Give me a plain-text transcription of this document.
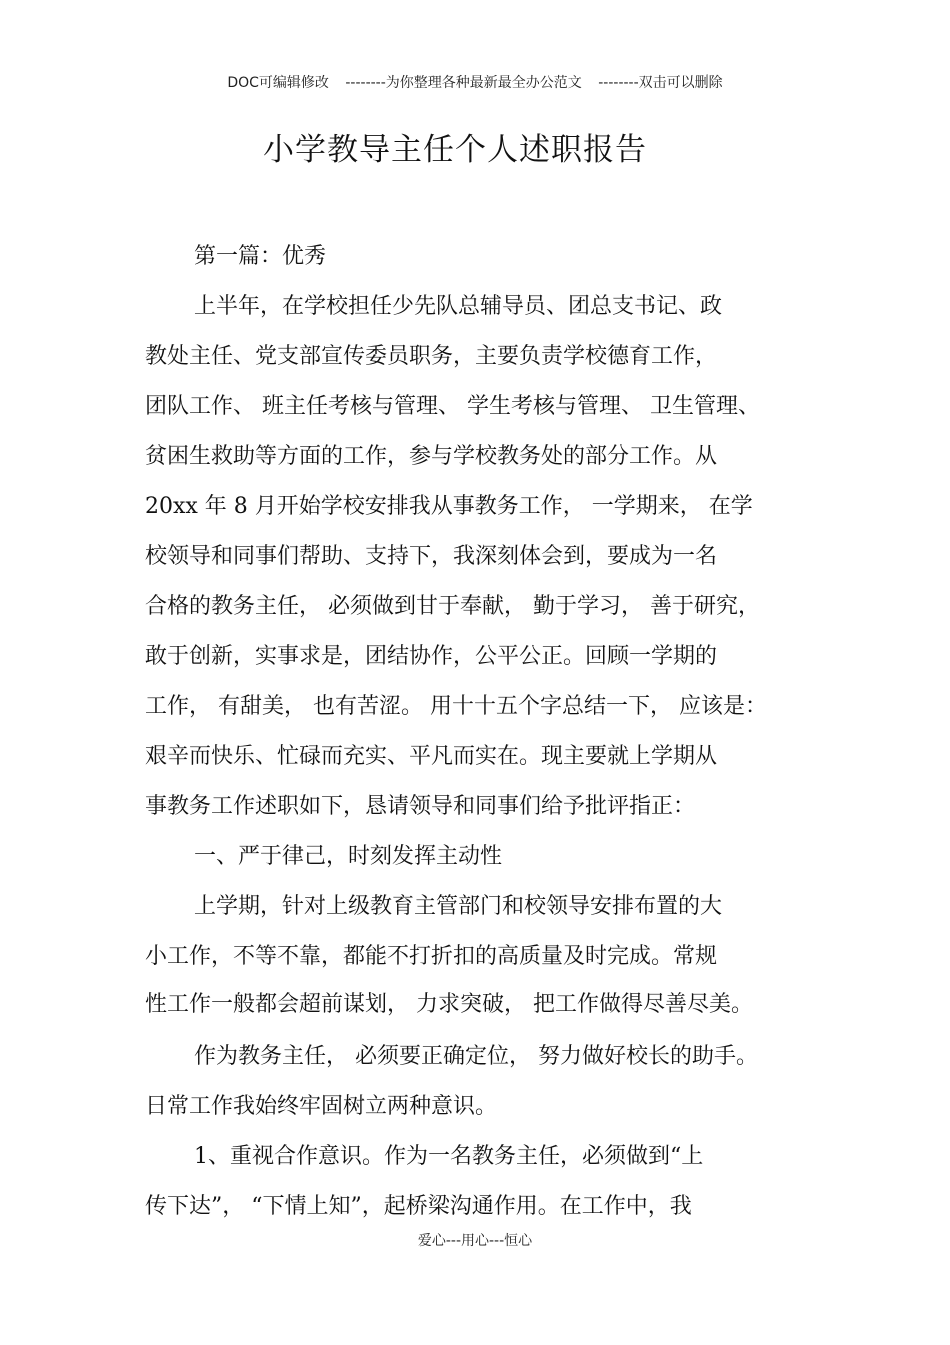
DOC可编辑修改 --------为你整理各种最新最全办公范文 --------双击可以删除
小学教导主任个人述职报告
第一篇：优秀
上半年，在学校担任少先队总辅导员、团总支书记、政
教处主任、党支部宣传委员职务，主要负责学校德育工作，
团队工作、 班主任考核与管理、 学生考核与管理、 卫生管理、
贫困生救助等方面的工作，参与学校教务处的部分工作。从
20xx 年 8 月开始学校安排我从事教务工作， 一学期来， 在学
校领导和同事们帮助、支持下，我深刻体会到，要成为一名
合格的教务主任， 必须做到甘于奉献， 勤于学习， 善于研究，
敢于创新，实事求是，团结协作，公平公正。回顾一学期的
工作， 有甜美， 也有苦涩。 用十十五个字总结一下， 应该是：
艰辛而快乐、忙碌而充实、平凡而实在。现主要就上学期从
事教务工作述职如下，恳请领导和同事们给予批评指正：
一、严于律己，时刻发挥主动性
上学期，针对上级教育主管部门和校领导安排布置的大
小工作，不等不靠，都能不打折扣的高质量及时完成。常规
性工作一般都会超前谋划， 力求突破， 把工作做得尽善尽美。
作为教务主任， 必须要正确定位， 努力做好校长的助手。
日常工作我始终牢固树立两种意识。
1、重视合作意识。作为一名教务主任，必须做到“上
传下达”， “下情上知”，起桥梁沟通作用。在工作中，我
爱心---用心---恒心
